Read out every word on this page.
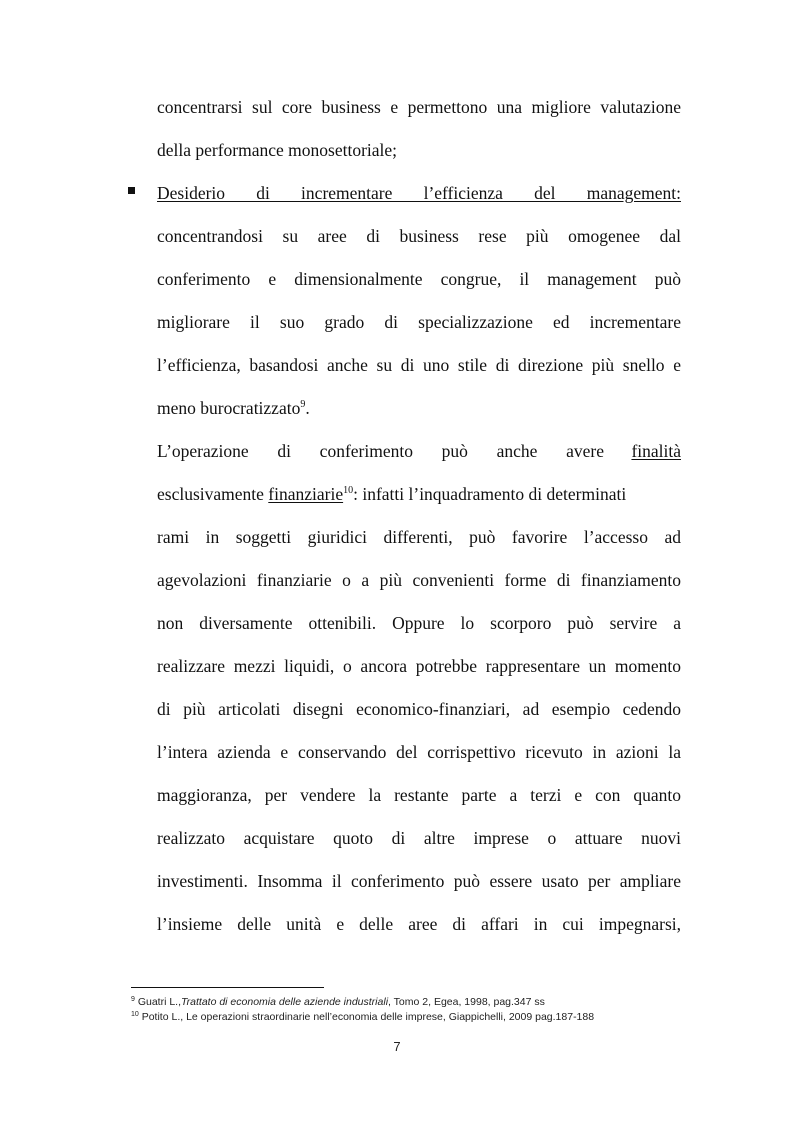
concentrarsi sul core business e permettono una migliore valutazione
della performance monosettoriale;
Desiderio di incrementare l’efficienza del management:
concentrandosi su aree di business rese più omogenee dal
conferimento e dimensionalmente congrue, il management può
migliorare il suo grado di specializzazione ed incrementare
l’efficienza, basandosi anche su di uno stile di direzione più snello e
meno burocratizzato$^9$.
L’operazione di conferimento può anche avere finalità
esclusivamente finanziarie$^{10}$: infatti l’inquadramento di determinati
rami in soggetti giuridici differenti, può favorire l’accesso ad
agevolazioni finanziarie o a più convenienti forme di finanziamento
non diversamente ottenibili. Oppure lo scorporo può servire a
realizzare mezzi liquidi, o ancora potrebbe rappresentare un momento
di più articolati disegni economico-finanziari, ad esempio cedendo
l’intera azienda e conservando del corrispettivo ricevuto in azioni la
maggioranza, per vendere la restante parte a terzi e con quanto
realizzato acquistare quoto di altre imprese o attuare nuovi
investimenti. Insomma il conferimento può essere usato per ampliare
l’insieme delle unità e delle aree di affari in cui impegnarsi,
$^9$ Guatri L.,Trattato di economia delle aziende industriali, Tomo 2, Egea, 1998, pag.347 ss
$^{10}$ Potito L., Le operazioni straordinarie nell’economia delle imprese, Giappichelli, 2009 pag.187-188
7
